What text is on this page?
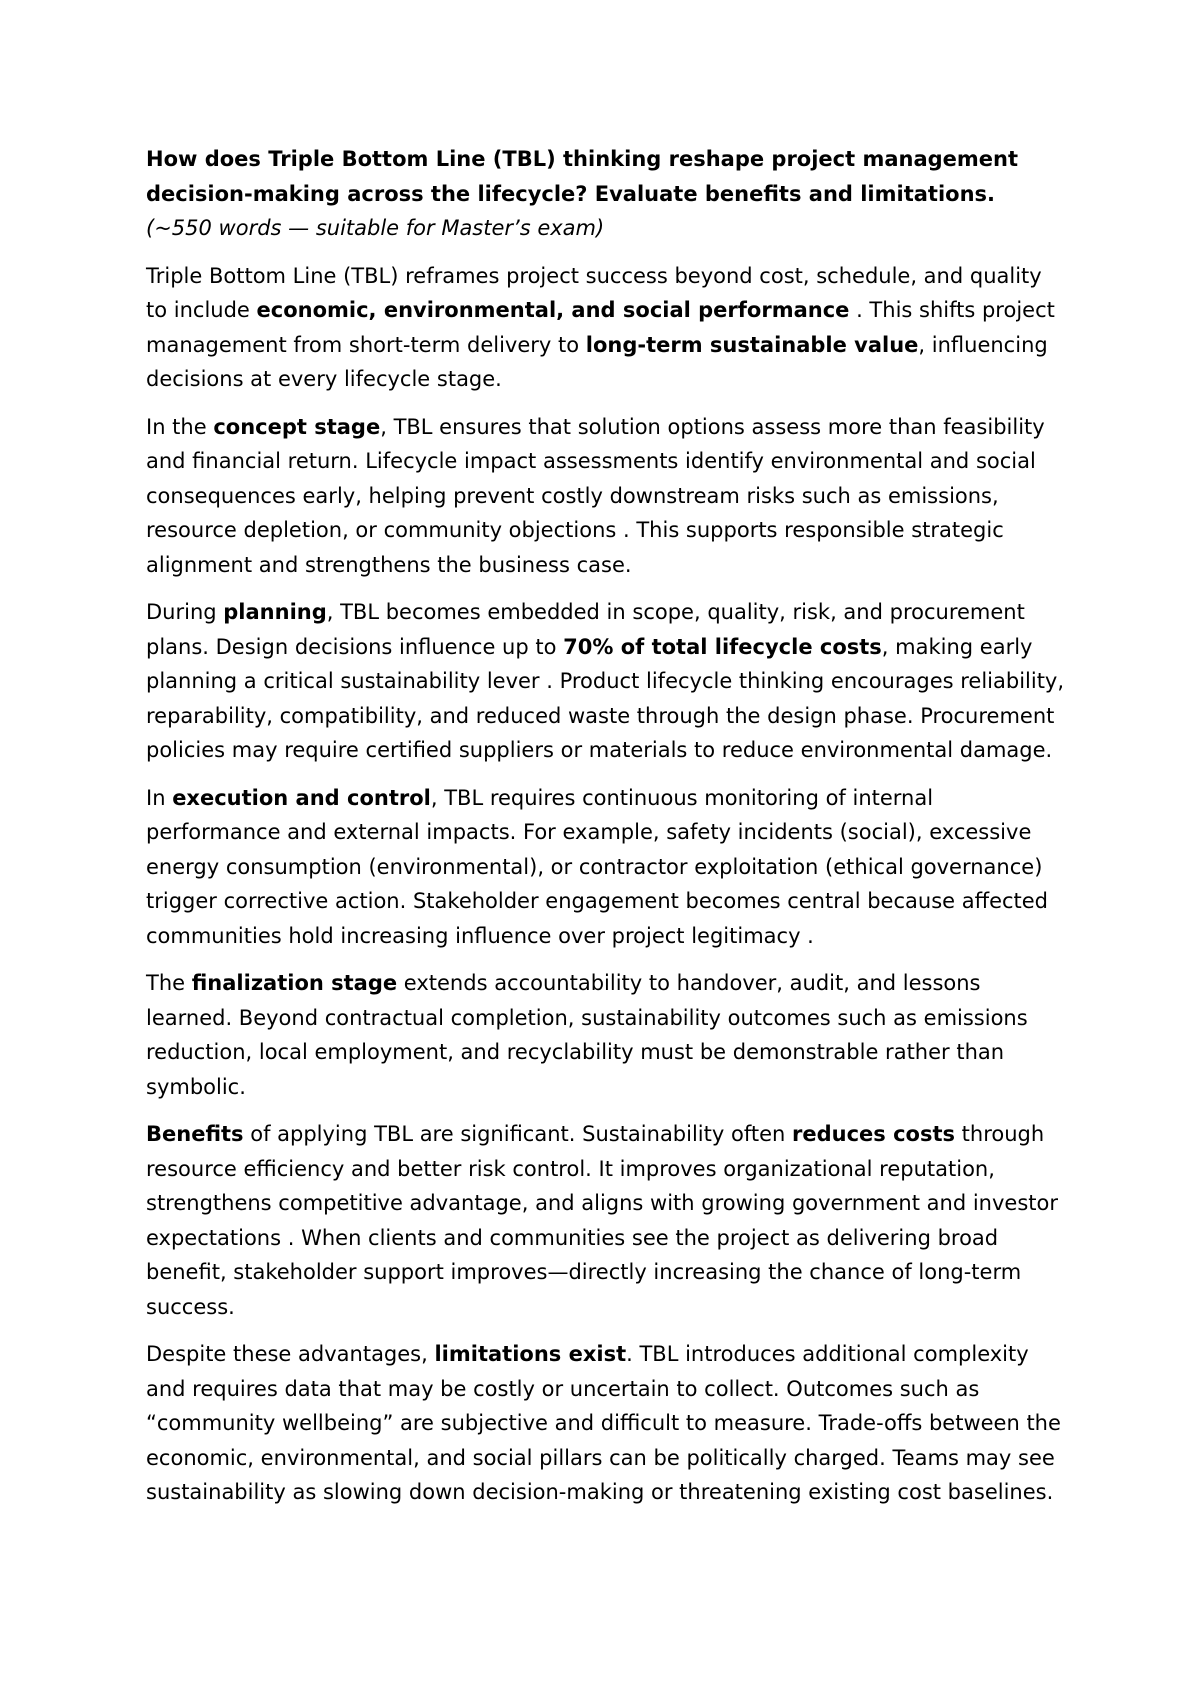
How does Triple Bottom Line (TBL) thinking reshape project management decision-making across the lifecycle? Evaluate benefits and limitations.

(~550 words — suitable for Master’s exam)

Triple Bottom Line (TBL) reframes project success beyond cost, schedule, and quality to include economic, environmental, and social performance . This shifts project management from short-term delivery to long-term sustainable value, influencing decisions at every lifecycle stage.

In the concept stage, TBL ensures that solution options assess more than feasibility and financial return. Lifecycle impact assessments identify environmental and social consequences early, helping prevent costly downstream risks such as emissions, resource depletion, or community objections . This supports responsible strategic alignment and strengthens the business case.

During planning, TBL becomes embedded in scope, quality, risk, and procurement plans. Design decisions influence up to 70% of total lifecycle costs, making early planning a critical sustainability lever . Product lifecycle thinking encourages reliability, reparability, compatibility, and reduced waste through the design phase. Procurement policies may require certified suppliers or materials to reduce environmental damage.

In execution and control, TBL requires continuous monitoring of internal performance and external impacts. For example, safety incidents (social), excessive energy consumption (environmental), or contractor exploitation (ethical governance) trigger corrective action. Stakeholder engagement becomes central because affected communities hold increasing influence over project legitimacy .

The finalization stage extends accountability to handover, audit, and lessons learned. Beyond contractual completion, sustainability outcomes such as emissions reduction, local employment, and recyclability must be demonstrable rather than symbolic.

Benefits of applying TBL are significant. Sustainability often reduces costs through resource efficiency and better risk control. It improves organizational reputation, strengthens competitive advantage, and aligns with growing government and investor expectations . When clients and communities see the project as delivering broad benefit, stakeholder support improves—directly increasing the chance of long-term success.

Despite these advantages, limitations exist. TBL introduces additional complexity and requires data that may be costly or uncertain to collect. Outcomes such as “community wellbeing” are subjective and difficult to measure. Trade-offs between the economic, environmental, and social pillars can be politically charged. Teams may see sustainability as slowing down decision-making or threatening existing cost baselines.
